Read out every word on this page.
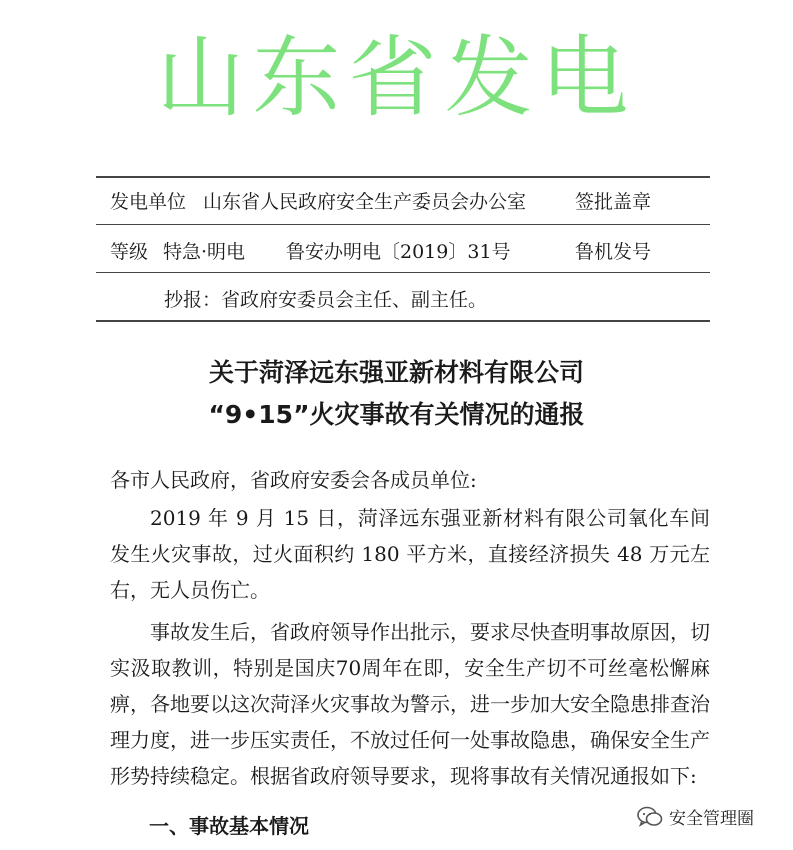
山东省发电
发电单位 山东省人民政府安全生产委员会办公室	签批盖章
等级 特急·明电 鲁安办明电〔2019〕31号	鲁机发号
抄报：省政府安委员会主任、副主任。
关于菏泽远东强亚新材料有限公司
“9•15”火灾事故有关情况的通报

各市人民政府，省政府安委会各成员单位:

2019 年 9 月 15 日，菏泽远东强亚新材料有限公司氧化车间发生火灾事故，过火面积约 180 平方米，直接经济损失 48 万元左右，无人员伤亡。

事故发生后，省政府领导作出批示，要求尽快查明事故原因，切实汲取教训，特别是国庆70周年在即，安全生产切不可丝毫松懈麻痹，各地要以这次菏泽火灾事故为警示，进一步加大安全隐患排查治理力度，进一步压实责任，不放过任何一处事故隐患，确保安全生产形势持续稳定。根据省政府领导要求，现将事故有关情况通报如下:

一、事故基本情况	安全管理圈
